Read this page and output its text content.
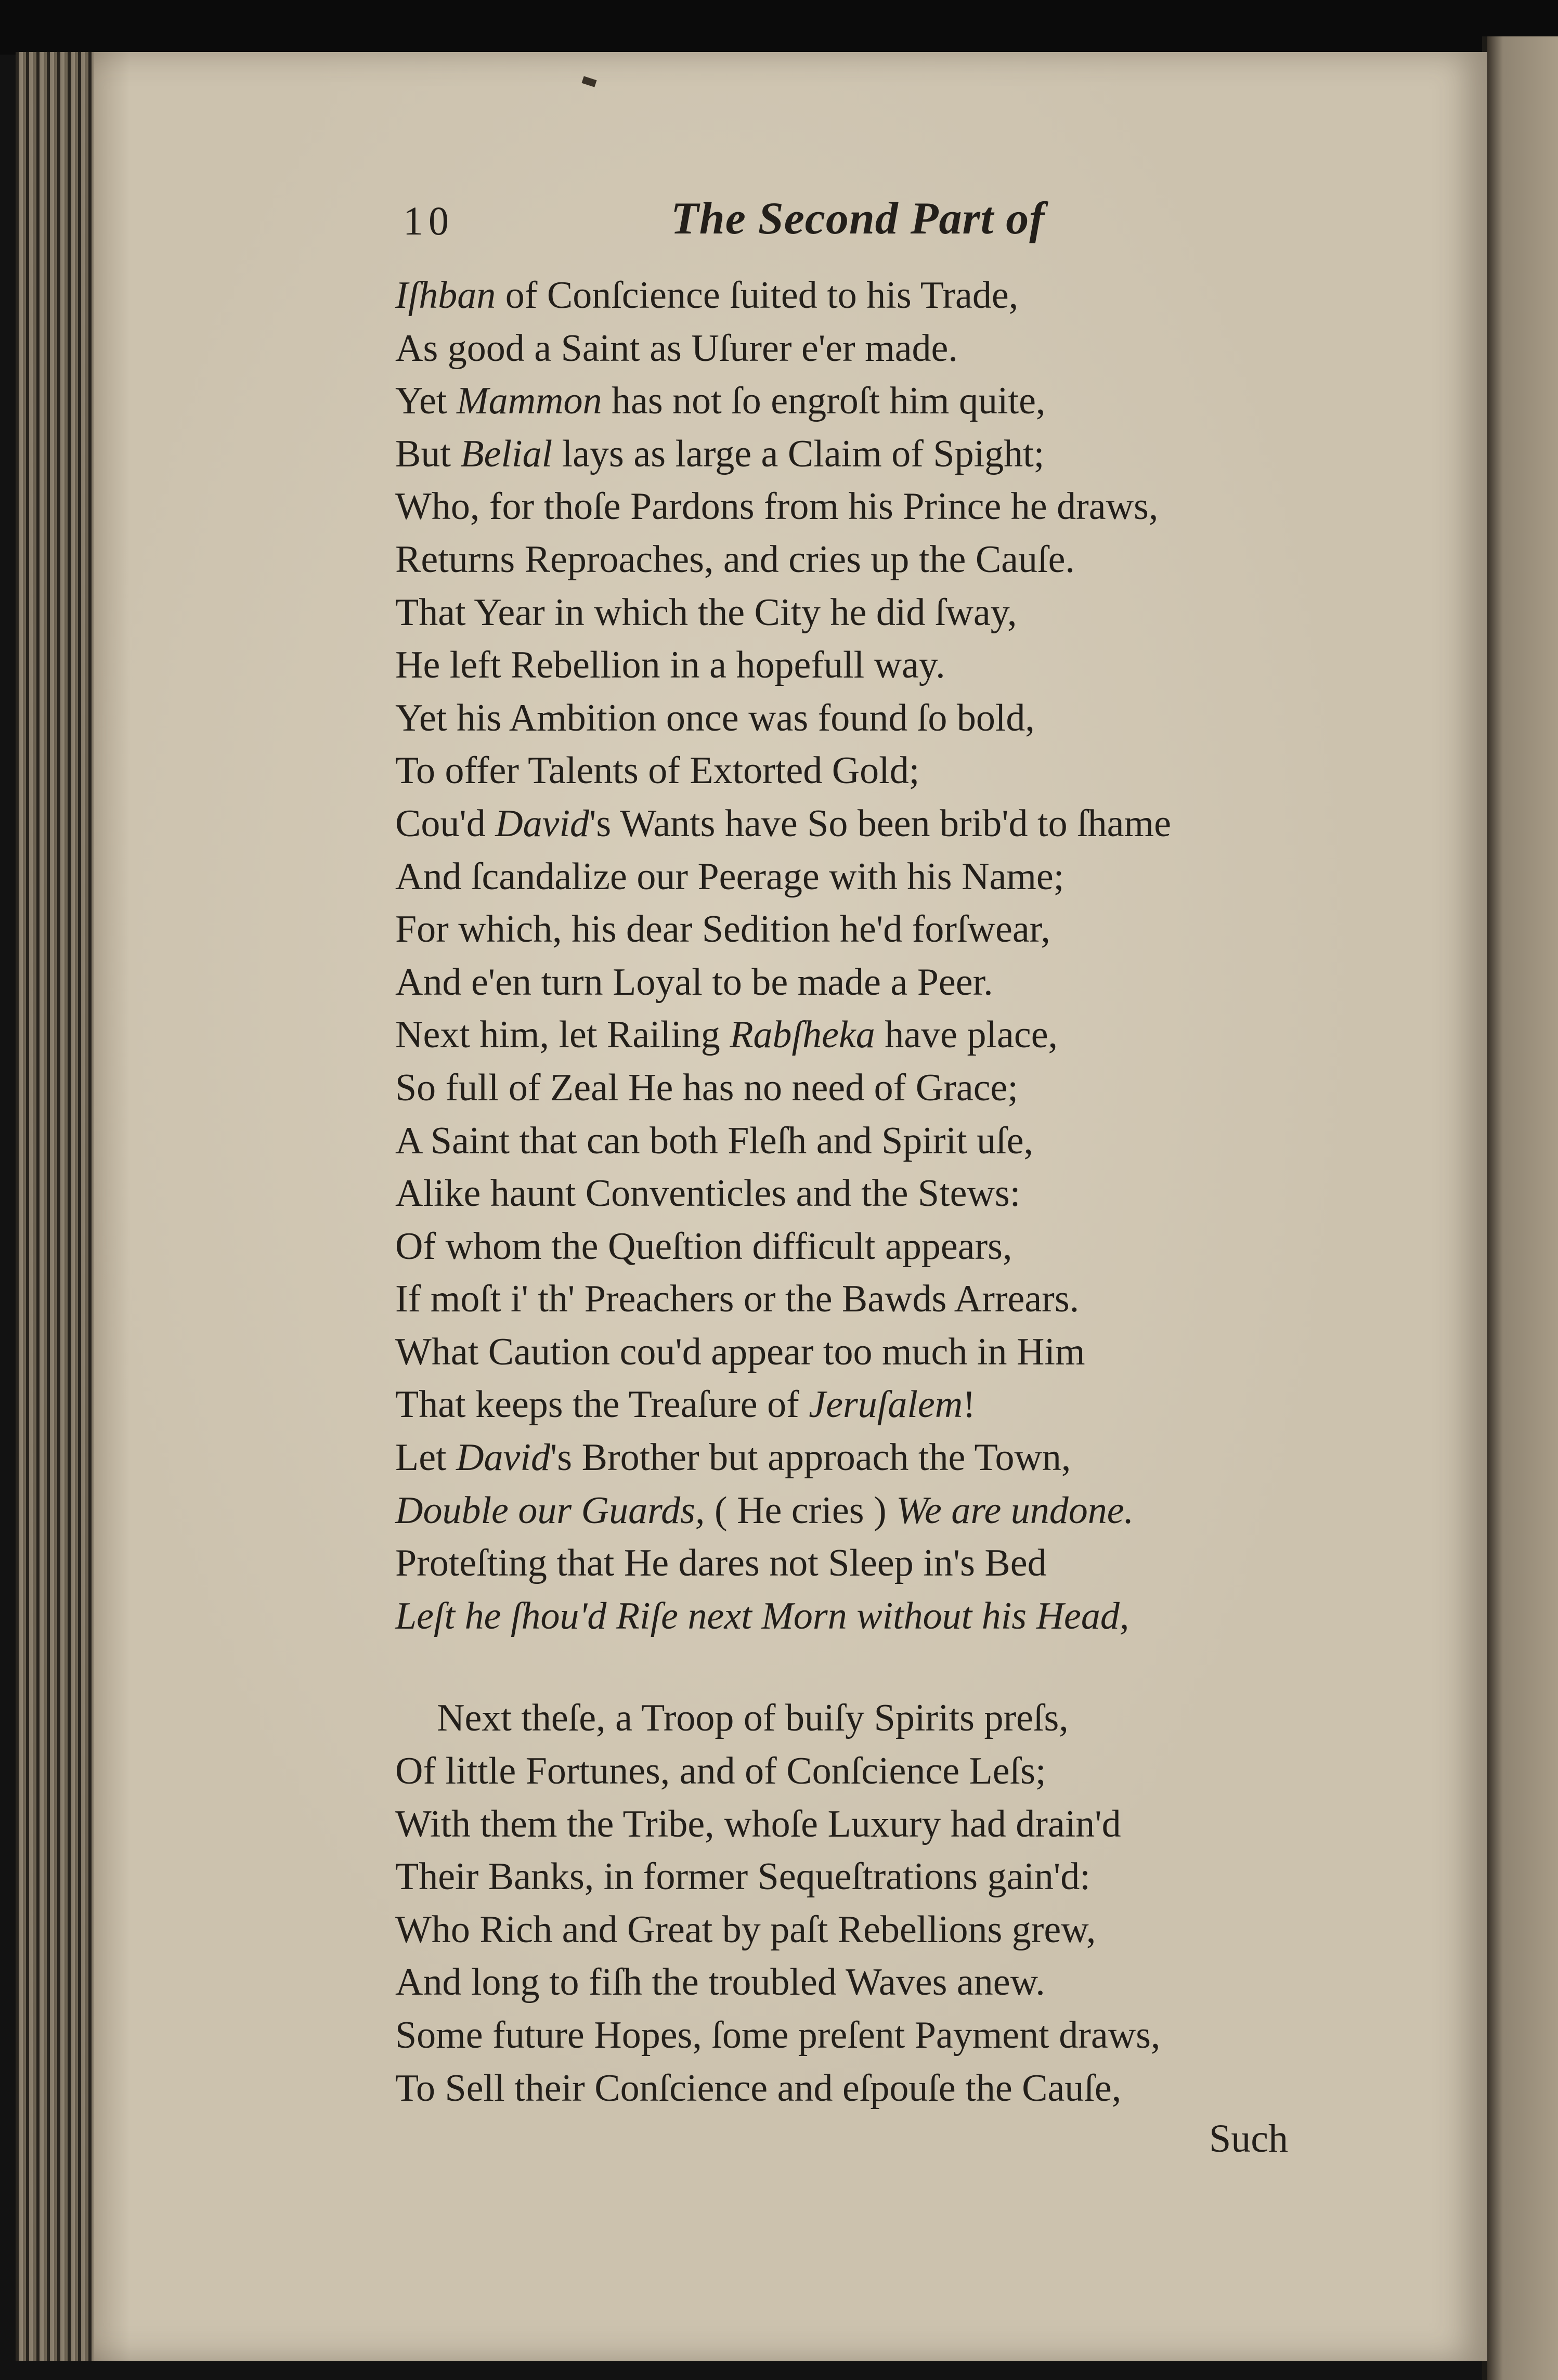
10	The Second Part of
Iſhban of Conſcience ſuited to his Trade,
As good a Saint as Uſurer e'er made.
Yet Mammon has not ſo engroſt him quite,
But Belial lays as large a Claim of Spight;
Who, for thoſe Pardons from his Prince he draws,
Returns Reproaches, and cries up the Cauſe.
That Year in which the City he did ſway,
He left Rebellion in a hopefull way.
Yet his Ambition once was found ſo bold,
To offer Talents of Extorted Gold;
Cou'd David's Wants have So been brib'd to ſhame
And ſcandalize our Peerage with his Name;
For which, his dear Sedition he'd forſwear,
And e'en turn Loyal to be made a Peer.
Next him, let Railing Rabſheka have place,
So full of Zeal He has no need of Grace;
A Saint that can both Fleſh and Spirit uſe,
Alike haunt Conventicles and the Stews:
Of whom the Queſtion difficult appears,
If moſt i' th' Preachers or the Bawds Arrears.
What Caution cou'd appear too much in Him
That keeps the Treaſure of Jeruſalem!
Let David's Brother but approach the Town,
Double our Guards, ( He cries ) We are undone.
Proteſting that He dares not Sleep in's Bed
Leſt he ſhou'd Riſe next Morn without his Head,
Next theſe, a Troop of buiſy Spirits preſs,
Of little Fortunes, and of Conſcience Leſs;
With them the Tribe, whoſe Luxury had drain'd
Their Banks, in former Sequeſtrations gain'd:
Who Rich and Great by paſt Rebellions grew,
And long to fiſh the troubled Waves anew.
Some future Hopes, ſome preſent Payment draws,
To Sell their Conſcience and eſpouſe the Cauſe,
Such
